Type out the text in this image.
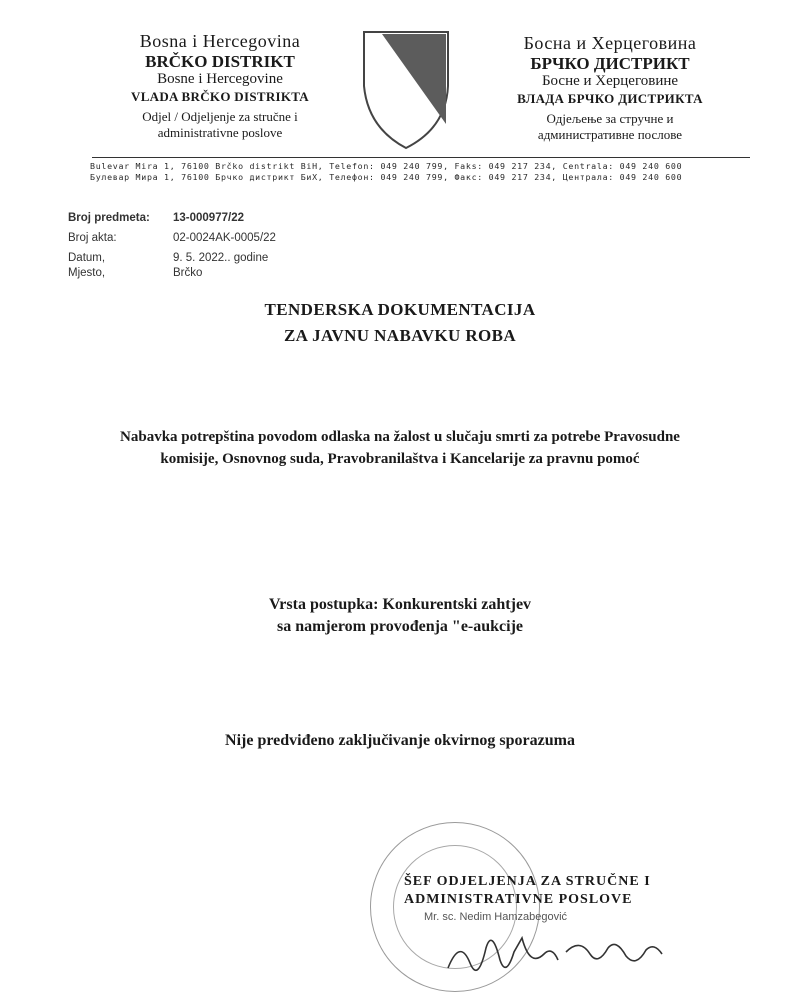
Bosna i Hercegovina
BRČKO DISTRIKT
Bosne i Hercegovine
VLADA BRČKO DISTRIKTA
Odjel / Odjeljenje za stručne i
administrativne poslove
Босна и Херцеговина
БРЧКО ДИСТРИКТ
Босне и Херцеговине
ВЛАДА БРЧКО ДИСТРИКТА
Одјељење за стручне и
административне послове
Bulevar Mira 1, 76100 Brčko distrikt BiH, Telefon: 049 240 799, Faks: 049 217 234, Centrala: 049 240 600
Булевар Мира 1, 76100 Брчко дистрикт БиХ, Телефон: 049 240 799, Факс: 049 217 234, Централа: 049 240 600
Broj predmeta: 13-000977/22
Broj akta:	02-0024AK-0005/22
Datum,	9. 5. 2022.. godine
Mjesto,	Brčko
TENDERSKA DOKUMENTACIJA
ZA JAVNU NABAVKU ROBA
Nabavka potrepština povodom odlaska na žalost u slučaju smrti za potrebe Pravosudne
komisije, Osnovnog suda, Pravobranilaštva i Kancelarije za pravnu pomoć
Vrsta postupka: Konkurentski zahtjev
sa namjerom provođenja "e-aukcije
Nije predviđeno zaključivanje okvirnog sporazuma
ŠEF ODJELJENJA ZA STRUČNE I
ADMINISTRATIVNE POSLOVE
Mr. sc. Nedim Hamzabegović
